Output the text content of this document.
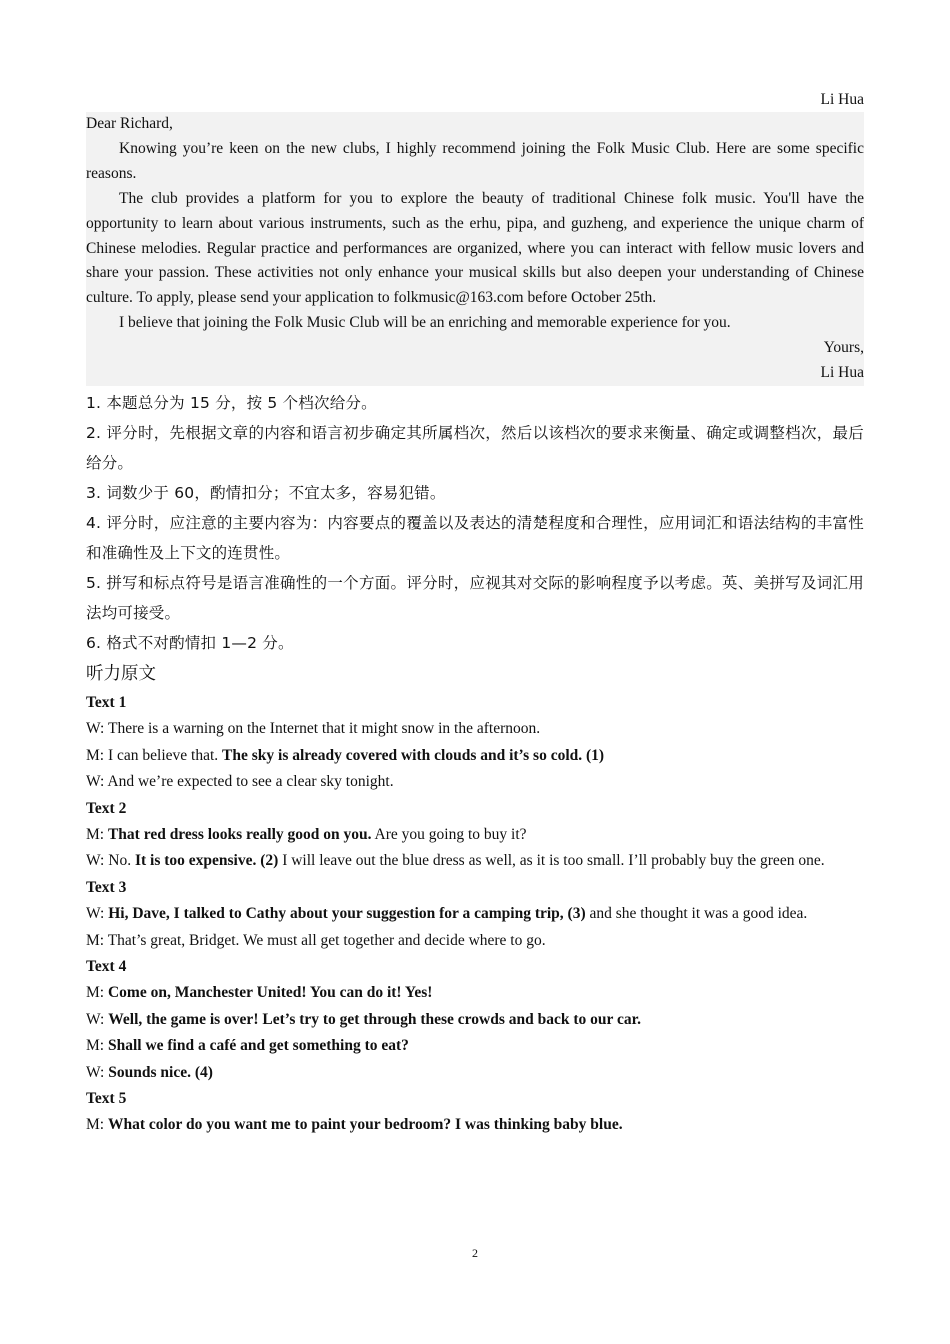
Li Hua
Dear Richard,
Knowing you’re keen on the new clubs, I highly recommend joining the Folk Music Club. Here are some specific reasons.
The club provides a platform for you to explore the beauty of traditional Chinese folk music. You'll have the opportunity to learn about various instruments, such as the erhu, pipa, and guzheng, and experience the unique charm of Chinese melodies. Regular practice and performances are organized, where you can interact with fellow music lovers and share your passion. These activities not only enhance your musical skills but also deepen your understanding of Chinese culture. To apply, please send your application to folkmusic@163.com before October 25th.
I believe that joining the Folk Music Club will be an enriching and memorable experience for you.
Yours,
Li Hua
1. 本题总分为 15 分，按 5 个档次给分。
2. 评分时，先根据文章的内容和语言初步确定其所属档次，然后以该档次的要求来衡量、确定或调整档次，最后给分。
3. 词数少于 60，酌情扣分；不宜太多，容易犯错。
4. 评分时，应注意的主要内容为：内容要点的覆盖以及表达的清楚程度和合理性，应用词汇和语法结构的丰富性和准确性及上下文的连贯性。
5. 拼写和标点符号是语言准确性的一个方面。评分时，应视其对交际的影响程度予以考虑。英、美拼写及词汇用法均可接受。
6. 格式不对酌情扣 1—2 分。
听力原文
Text 1
W: There is a warning on the Internet that it might snow in the afternoon.
M: I can believe that. The sky is already covered with clouds and it’s so cold. (1)
W: And we’re expected to see a clear sky tonight.
Text 2
M: That red dress looks really good on you. Are you going to buy it?
W: No. It is too expensive. (2) I will leave out the blue dress as well, as it is too small. I’ll probably buy the green one.
Text 3
W: Hi, Dave, I talked to Cathy about your suggestion for a camping trip, (3) and she thought it was a good idea.
M: That’s great, Bridget. We must all get together and decide where to go.
Text 4
M: Come on, Manchester United! You can do it! Yes!
W: Well, the game is over! Let’s try to get through these crowds and back to our car.
M: Shall we find a café and get something to eat?
W: Sounds nice. (4)
Text 5
M: What color do you want me to paint your bedroom? I was thinking baby blue.
2
